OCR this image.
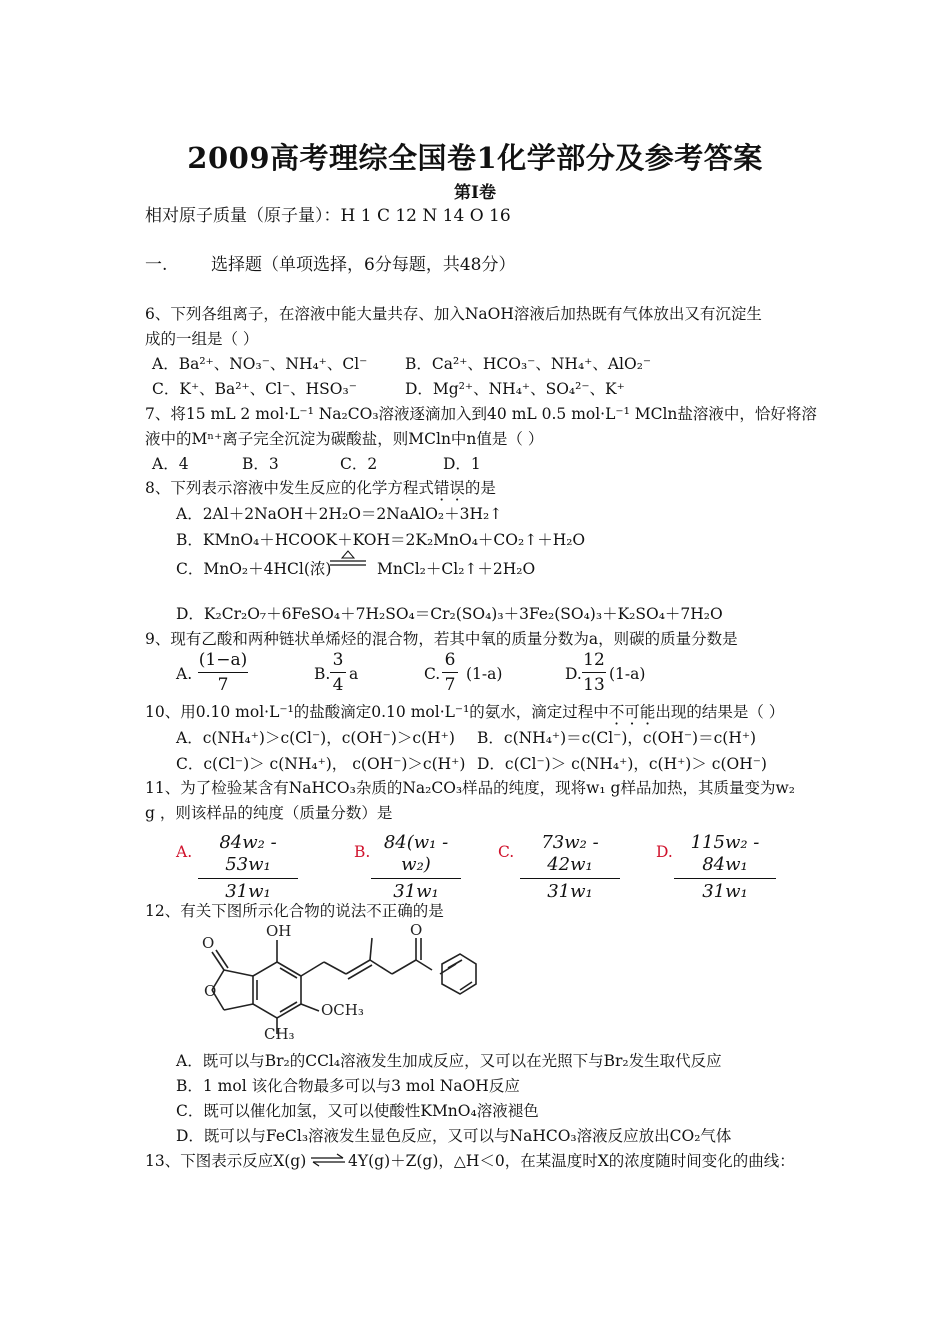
2009高考理综全国卷1化学部分及参考答案
第Ⅰ卷
相对原子质量（原子量）：H 1 C 12 N 14 O 16
一.	选择题（单项选择，6分每题，共48分）
6、下列各组离子，在溶液中能大量共存、加入NaOH溶液后加热既有气体放出又有沉淀生
成的一组是（ ）
A．Ba²⁺、NO₃⁻、NH₄⁺、Cl⁻ B．Ca²⁺、HCO₃⁻、NH₄⁺、AlO₂⁻
C．K⁺、Ba²⁺、Cl⁻、HSO₃⁻	D．Mg²⁺、NH₄⁺、SO₄²⁻、K⁺
7、将15 mL 2 mol·L⁻¹ Na₂CO₃溶液逐滴加入到40 mL 0.5 mol·L⁻¹ MCln盐溶液中，恰好将溶
液中的Mⁿ⁺离子完全沉淀为碳酸盐，则MCln中n值是（ ）
A．4	B．3	C．2	D．1
8、下列表示溶液中发生反应的化学方程式错误的是
A．2Al＋2NaOH＋2H₂O＝2NaAlO₂＋3H₂↑
B．KMnO₄＋HCOOK＋KOH＝2K₂MnO₄＋CO₂↑＋H₂O
C．MnO₂＋4HCl(浓)	MnCl₂＋Cl₂↑＋2H₂O
D．K₂Cr₂O₇＋6FeSO₄＋7H₂SO₄＝Cr₂(SO₄)₃＋3Fe₂(SO₄)₃＋K₂SO₄＋7H₂O
9、现有乙酸和两种链状单烯烃的混合物，若其中氧的质量分数为a，则碳的质量分数是
A.
(1−a)
7
B.
3
4
a	C.
6
7
(1-a)	D.
12
13
(1-a)
10、用0.10 mol·L⁻¹的盐酸滴定0.10 mol·L⁻¹的氨水，滴定过程中不可能出现的结果是（ ）
A．c(NH₄⁺)＞c(Cl⁻)，c(OH⁻)＞c(H⁺) B．c(NH₄⁺)＝c(Cl⁻)，c(OH⁻)＝c(H⁺)
C．c(Cl⁻)＞ c(NH₄⁺)， c(OH⁻)＞c(H⁺) D．c(Cl⁻)＞ c(NH₄⁺)，c(H⁺)＞ c(OH⁻)
11、为了检验某含有NaHCO₃杂质的Na₂CO₃样品的纯度，现将w₁ g样品加热，其质量变为w₂
g ，则该样品的纯度（质量分数）是
A.	84w₂ - 53w₁
31w₁
B. 84(w₁ - w₂)
31w₁
C.	73w₂ - 42w₁
31w₁
D. 115w₂ - 84w₁
31w₁
12、有关下图所示化合物的说法不正确的是
OH
O
O
O
OCH₃
CH₃
A．既可以与Br₂的CCl₄溶液发生加成反应，又可以在光照下与Br₂发生取代反应
B．1 mol 该化合物最多可以与3 mol NaOH反应
C．既可以催化加氢，又可以使酸性KMnO₄溶液褪色
D．既可以与FeCl₃溶液发生显色反应，又可以与NaHCO₃溶液反应放出CO₂气体
13、下图表示反应X(g) ⇌ 4Y(g)＋Z(g)，△H＜0，在某温度时X的浓度随时间变化的曲线：
